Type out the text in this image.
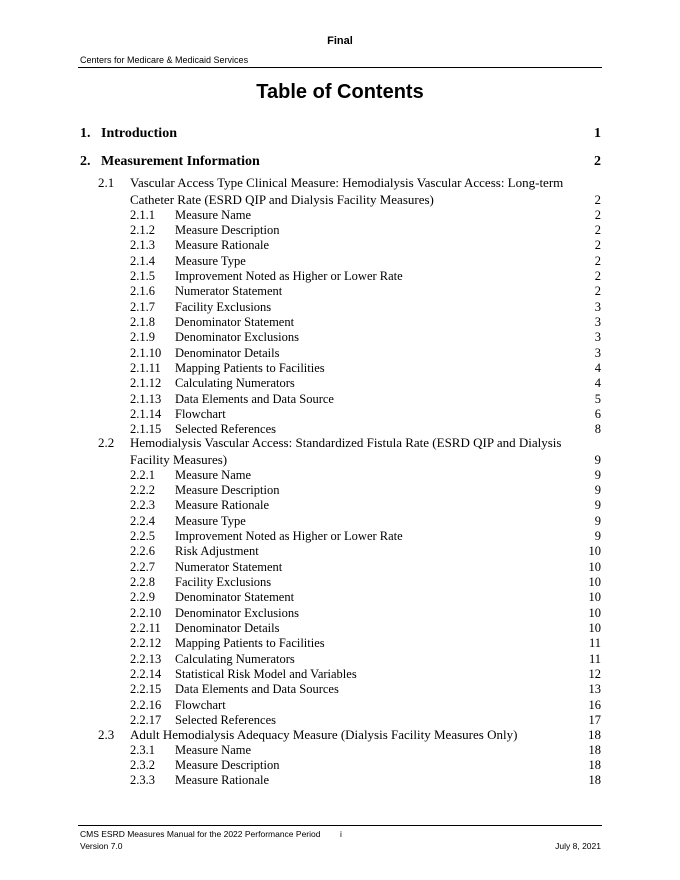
Final
Centers for Medicare & Medicaid Services
Table of Contents
1. Introduction	1
2. Measurement Information	2
2.1 Vascular Access Type Clinical Measure: Hemodialysis Vascular Access: Long-term
Catheter Rate (ESRD QIP and Dialysis Facility Measures)	2
2.1.1	Measure Name	2
2.1.2	Measure Description	2
2.1.3	Measure Rationale	2
2.1.4	Measure Type	2
2.1.5	Improvement Noted as Higher or Lower Rate	2
2.1.6	Numerator Statement	2
2.1.7	Facility Exclusions	3
2.1.8	Denominator Statement	3
2.1.9	Denominator Exclusions	3
2.1.10	Denominator Details	3
2.1.11	Mapping Patients to Facilities	4
2.1.12	Calculating Numerators	4
2.1.13	Data Elements and Data Source	5
2.1.14	Flowchart	6
2.1.15	Selected References	8
2.2 Hemodialysis Vascular Access: Standardized Fistula Rate (ESRD QIP and Dialysis
Facility Measures)	9
2.2.1	Measure Name	9
2.2.2	Measure Description	9
2.2.3	Measure Rationale	9
2.2.4	Measure Type	9
2.2.5	Improvement Noted as Higher or Lower Rate	9
2.2.6	Risk Adjustment	10
2.2.7	Numerator Statement	10
2.2.8	Facility Exclusions	10
2.2.9	Denominator Statement	10
2.2.10	Denominator Exclusions	10
2.2.11	Denominator Details	10
2.2.12	Mapping Patients to Facilities	11
2.2.13	Calculating Numerators	11
2.2.14	Statistical Risk Model and Variables	12
2.2.15	Data Elements and Data Sources	13
2.2.16	Flowchart	16
2.2.17	Selected References	17
2.3	Adult Hemodialysis Adequacy Measure (Dialysis Facility Measures Only)	18
2.3.1	Measure Name	18
2.3.2	Measure Description	18
2.3.3	Measure Rationale	18
CMS ESRD Measures Manual for the 2022 Performance Period i
Version 7.0	July 8, 2021
